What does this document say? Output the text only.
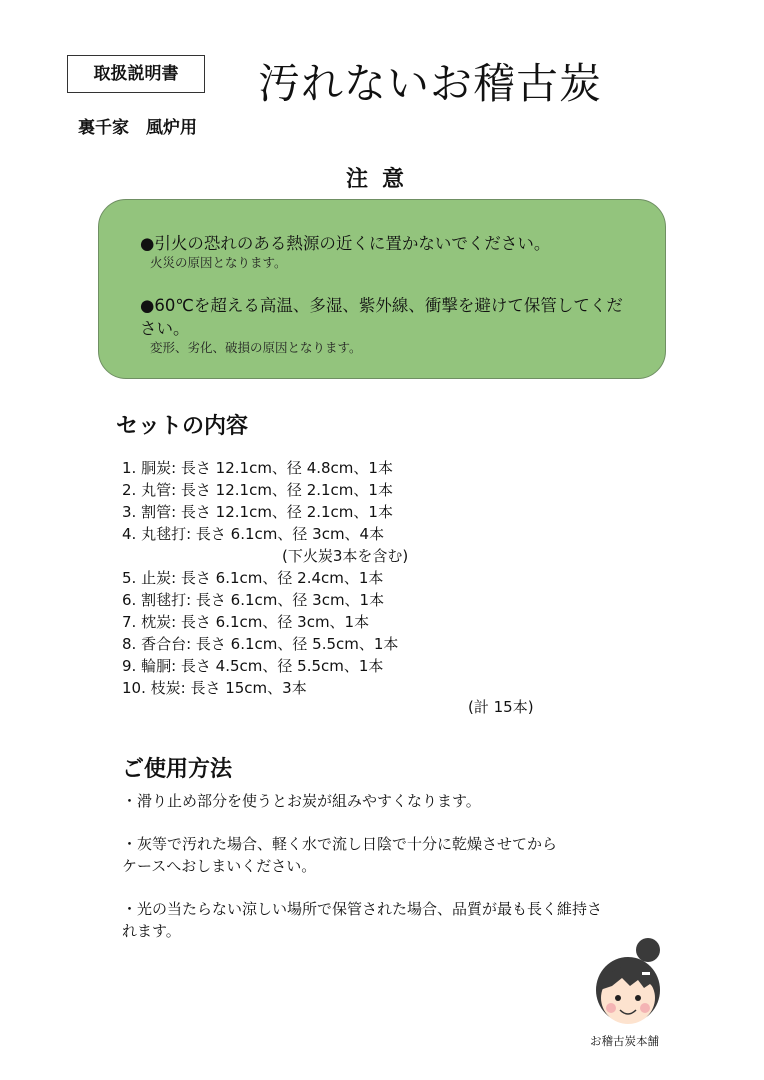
取扱説明書	汚れないお稽古炭
裏千家　風炉用
注意
●引火の恐れのある熱源の近くに置かないでください。
火災の原因となります。
●60℃を超える高温、多湿、紫外線、衝撃を避けて保管してくだ
さい。
変形、劣化、破損の原因となります。
セットの内容
1. 胴炭: 長さ 12.1cm、径 4.8cm、1本
2. 丸管: 長さ 12.1cm、径 2.1cm、1本
3. 割管: 長さ 12.1cm、径 2.1cm、1本
4. 丸毬打: 長さ 6.1cm、径 3cm、4本
(下火炭3本を含む)
5. 止炭: 長さ 6.1cm、径 2.4cm、1本
6. 割毬打: 長さ 6.1cm、径 3cm、1本
7. 枕炭: 長さ 6.1cm、径 3cm、1本
8. 香合台: 長さ 6.1cm、径 5.5cm、1本
9. 輪胴: 長さ 4.5cm、径 5.5cm、1本
10. 枝炭: 長さ 15cm、3本
(計 15本)
ご使用方法
・滑り止め部分を使うとお炭が組みやすくなります。
・灰等で汚れた場合、軽く水で流し日陰で十分に乾燥させてから
ケースへおしまいください。
・光の当たらない涼しい場所で保管された場合、品質が最も長く維持さ
れます。
お稽古炭本舗
